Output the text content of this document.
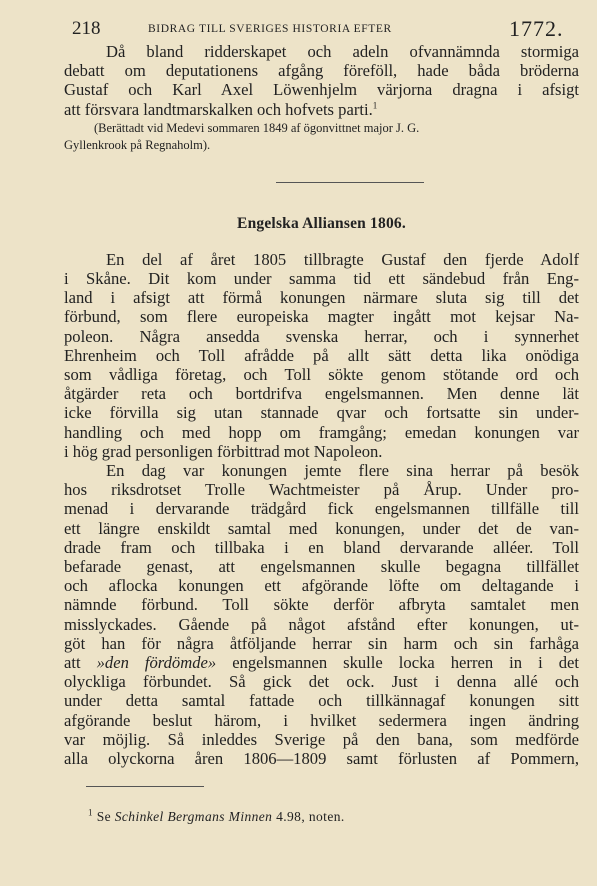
218	BIDRAG TILL SVERIGES HISTORIA EFTER	1772.
Då bland ridderskapet och adeln ofvannämnda stormiga
debatt om deputationens afgång föreföll, hade båda bröderna
Gustaf och Karl Axel Löwenhjelm värjorna dragna i afsigt
att försvara landtmarskalken och hofvets parti.$^1$
(Berättadt vid Medevi sommaren 1849 af ögonvittnet major J. G.
Gyllenkrook på Regnaholm).
Engelska Alliansen 1806.
En del af året 1805 tillbragte Gustaf den fjerde Adolf
i Skåne. Dit kom under samma tid ett sändebud från Eng-
land i afsigt att förmå konungen närmare sluta sig till det
förbund, som flere europeiska magter ingått mot kejsar Na-
poleon. Några ansedda svenska herrar, och i synnerhet
Ehrenheim och Toll afrådde på allt sätt detta lika onödiga
som vådliga företag, och Toll sökte genom stötande ord och
åtgärder reta och bortdrifva engelsmannen. Men denne lät
icke förvilla sig utan stannade qvar och fortsatte sin under-
handling och med hopp om framgång; emedan konungen var
i hög grad personligen förbittrad mot Napoleon.
En dag var konungen jemte flere sina herrar på besök
hos riksdrotset Trolle Wachtmeister på Årup. Under pro-
menad i dervarande trädgård fick engelsmannen tillfälle till
ett längre enskildt samtal med konungen, under det de van-
drade fram och tillbaka i en bland dervarande alléer. Toll
befarade genast, att engelsmannen skulle begagna tillfället
och aflocka konungen ett afgörande löfte om deltagande i
nämnde förbund. Toll sökte derför afbryta samtalet men
misslyckades. Gående på något afstånd efter konungen, ut-
göt han för några åtföljande herrar sin harm och sin farhåga
att »den fördömde» engelsmannen skulle locka herren in i det
olyckliga förbundet. Så gick det ock. Just i denna allé och
under detta samtal fattade och tillkännagaf konungen sitt
afgörande beslut härom, i hvilket sedermera ingen ändring
var möjlig. Så inleddes Sverige på den bana, som medförde
alla olyckorna åren 1806—1809 samt förlusten af Pommern,
$^1$ Se Schinkel Bergmans Minnen 4.98, noten.
